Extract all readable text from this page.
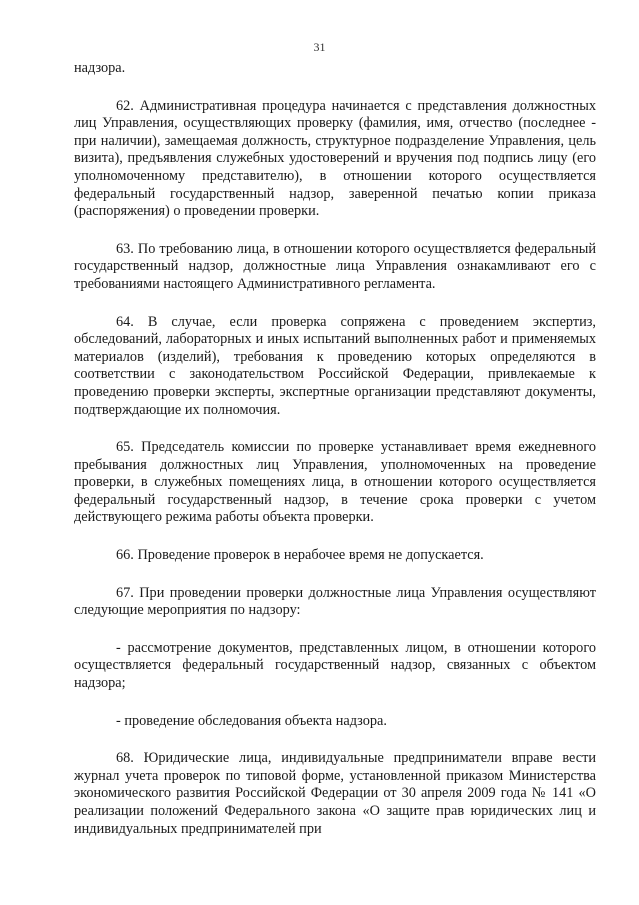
31

надзора.

62. Административная процедура начинается с представления должностных лиц Управления, осуществляющих проверку (фамилия, имя, отчество (последнее - при наличии), замещаемая должность, структурное подразделение Управления, цель визита), предъявления служебных удостоверений и вручения под подпись лицу (его уполномоченному представителю), в отношении которого осуществляется федеральный государственный надзор, заверенной печатью копии приказа (распоряжения) о проведении проверки.

63. По требованию лица, в отношении которого осуществляется федеральный государственный надзор, должностные лица Управления ознакамливают его с требованиями настоящего Административного регламента.

64. В случае, если проверка сопряжена с проведением экспертиз, обследований, лабораторных и иных испытаний выполненных работ и применяемых материалов (изделий), требования к проведению которых определяются в соответствии с законодательством Российской Федерации, привлекаемые к проведению проверки эксперты, экспертные организации представляют документы, подтверждающие их полномочия.

65. Председатель комиссии по проверке устанавливает время ежедневного пребывания должностных лиц Управления, уполномоченных на проведение проверки, в служебных помещениях лица, в отношении которого осуществляется федеральный государственный надзор, в течение срока проверки с учетом действующего режима работы объекта проверки.

66. Проведение проверок в нерабочее время не допускается.

67. При проведении проверки должностные лица Управления осуществляют следующие мероприятия по надзору:

- рассмотрение документов, представленных лицом, в отношении которого осуществляется федеральный государственный надзор, связанных с объектом надзора;

- проведение обследования объекта надзора.

68. Юридические лица, индивидуальные предприниматели вправе вести журнал учета проверок по типовой форме, установленной приказом Министерства экономического развития Российской Федерации от 30 апреля 2009 года № 141 «О реализации положений Федерального закона «О защите прав юридических лиц и индивидуальных предпринимателей при
